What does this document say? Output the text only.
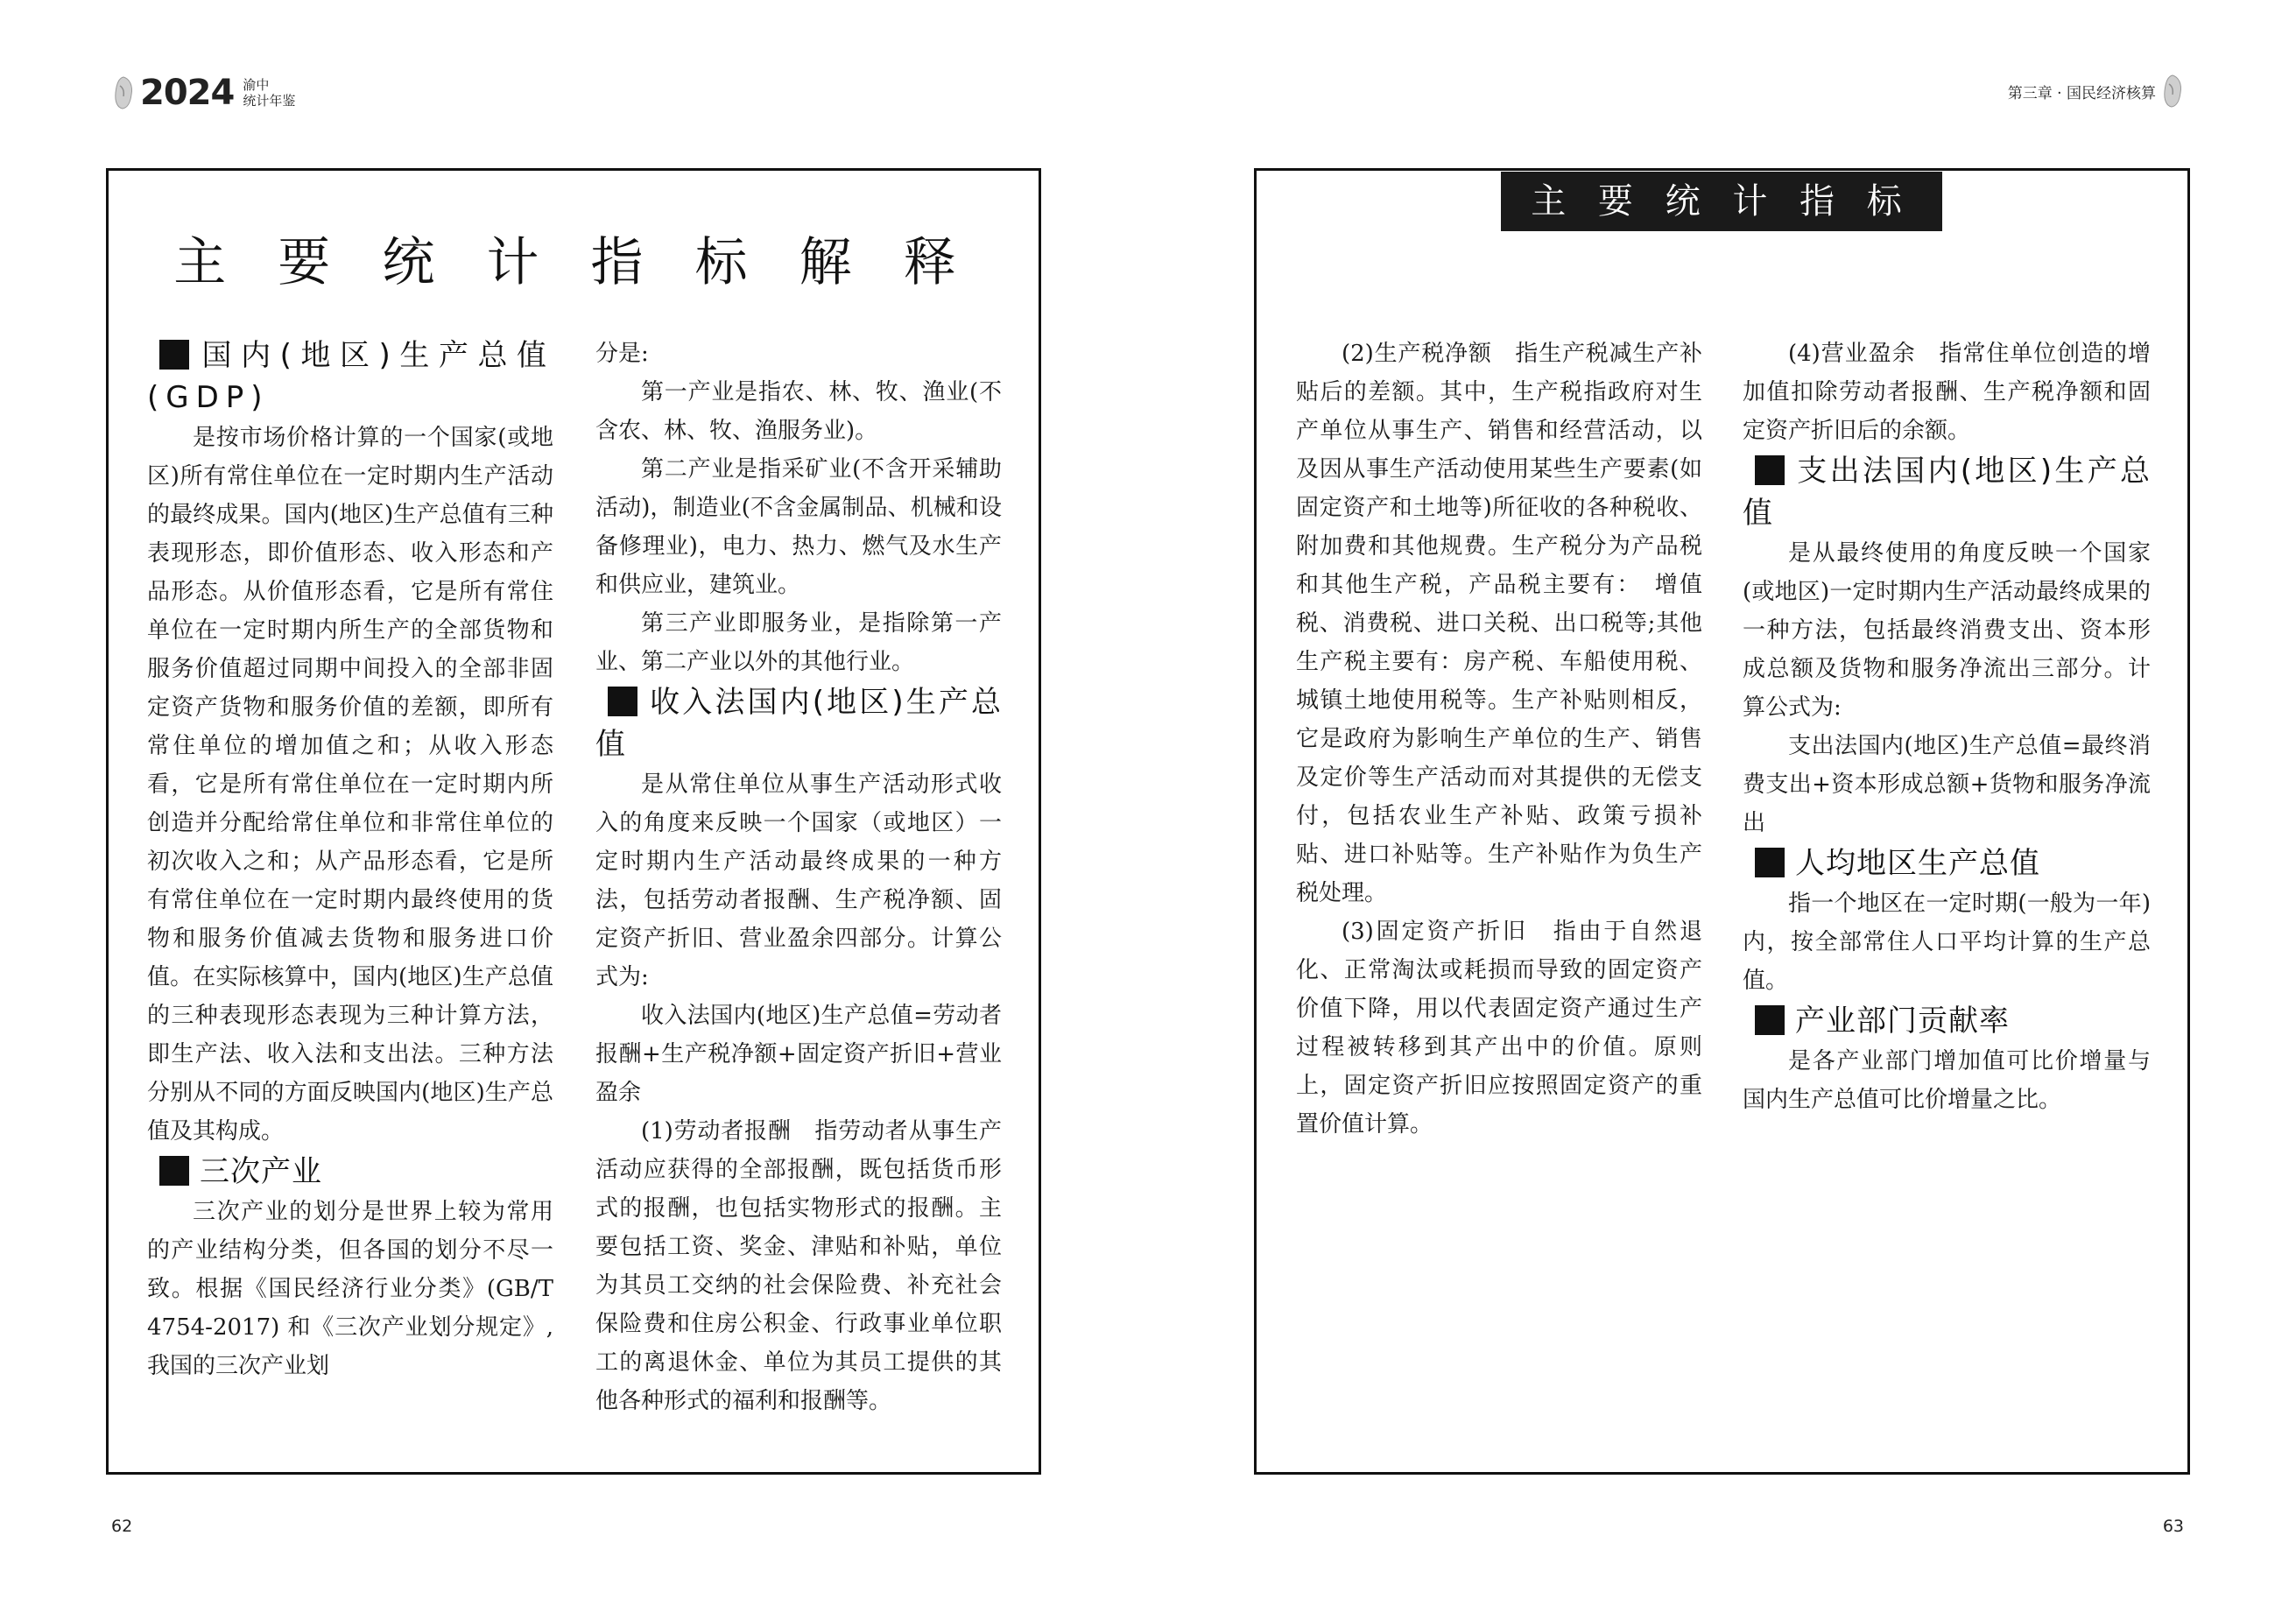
2024 渝中
统计年鉴	第三章 · 国民经济核算
主 要 统 计 指 标 解 释
主 要 统 计 指 标 解 释
国内(地区)生产总值(GDP)

是按市场价格计算的一个国家(或地区)所有常住单位在一定时期内生产活动的最终成果。国内(地区)生产总值有三种表现形态，即价值形态、收入形态和产品形态。从价值形态看，它是所有常住单位在一定时期内所生产的全部货物和服务价值超过同期中间投入的全部非固定资产货物和服务价值的差额，即所有常住单位的增加值之和；从收入形态看，它是所有常住单位在一定时期内所创造并分配给常住单位和非常住单位的初次收入之和；从产品形态看，它是所有常住单位在一定时期内最终使用的货物和服务价值减去货物和服务进口价值。在实际核算中，国内(地区)生产总值的三种表现形态表现为三种计算方法，即生产法、收入法和支出法。三种方法分别从不同的方面反映国内(地区)生产总值及其构成。

三次产业

三次产业的划分是世界上较为常用的产业结构分类，但各国的划分不尽一致。根据《国民经济行业分类》(GB/T 4754-2017) 和《三次产业划分规定》,我国的三次产业划

分是:

第一产业是指农、林、牧、渔业(不含农、林、牧、渔服务业)。

第二产业是指采矿业(不含开采辅助活动)，制造业(不含金属制品、机械和设备修理业)，电力、热力、燃气及水生产和供应业，建筑业。

第三产业即服务业，是指除第一产业、第二产业以外的其他行业。

收入法国内(地区)生产总值

是从常住单位从事生产活动形式收入的角度来反映一个国家（或地区）一定时期内生产活动最终成果的一种方法，包括劳动者报酬、生产税净额、固定资产折旧、营业盈余四部分。计算公式为:

收入法国内(地区)生产总值=劳动者报酬+生产税净额+固定资产折旧+营业盈余

(1)劳动者报酬　指劳动者从事生产活动应获得的全部报酬，既包括货币形式的报酬，也包括实物形式的报酬。主要包括工资、奖金、津贴和补贴，单位为其员工交纳的社会保险费、补充社会保险费和住房公积金、行政事业单位职工的离退休金、单位为其员工提供的其他各种形式的福利和报酬等。

(2)生产税净额　指生产税减生产补贴后的差额。其中，生产税指政府对生产单位从事生产、销售和经营活动，以及因从事生产活动使用某些生产要素(如固定资产和土地等)所征收的各种税收、附加费和其他规费。生产税分为产品税和其他生产税，产品税主要有：　增值税、消费税、进口关税、出口税等;其他生产税主要有：房产税、车船使用税、城镇土地使用税等。生产补贴则相反，它是政府为影响生产单位的生产、销售及定价等生产活动而对其提供的无偿支付，包括农业生产补贴、政策亏损补贴、进口补贴等。生产补贴作为负生产税处理。

(3)固定资产折旧　指由于自然退化、正常淘汰或耗损而导致的固定资产价值下降，用以代表固定资产通过生产过程被转移到其产出中的价值。原则上，固定资产折旧应按照固定资产的重置价值计算。

(4)营业盈余　指常住单位创造的增加值扣除劳动者报酬、生产税净额和固定资产折旧后的余额。

支出法国内(地区)生产总值

是从最终使用的角度反映一个国家(或地区)一定时期内生产活动最终成果的一种方法，包括最终消费支出、资本形成总额及货物和服务净流出三部分。计算公式为:

支出法国内(地区)生产总值=最终消费支出+资本形成总额+货物和服务净流出

人均地区生产总值

指一个地区在一定时期(一般为一年)内，按全部常住人口平均计算的生产总值。

产业部门贡献率

是各产业部门增加值可比价增量与国内生产总值可比价增量之比。

62	63
